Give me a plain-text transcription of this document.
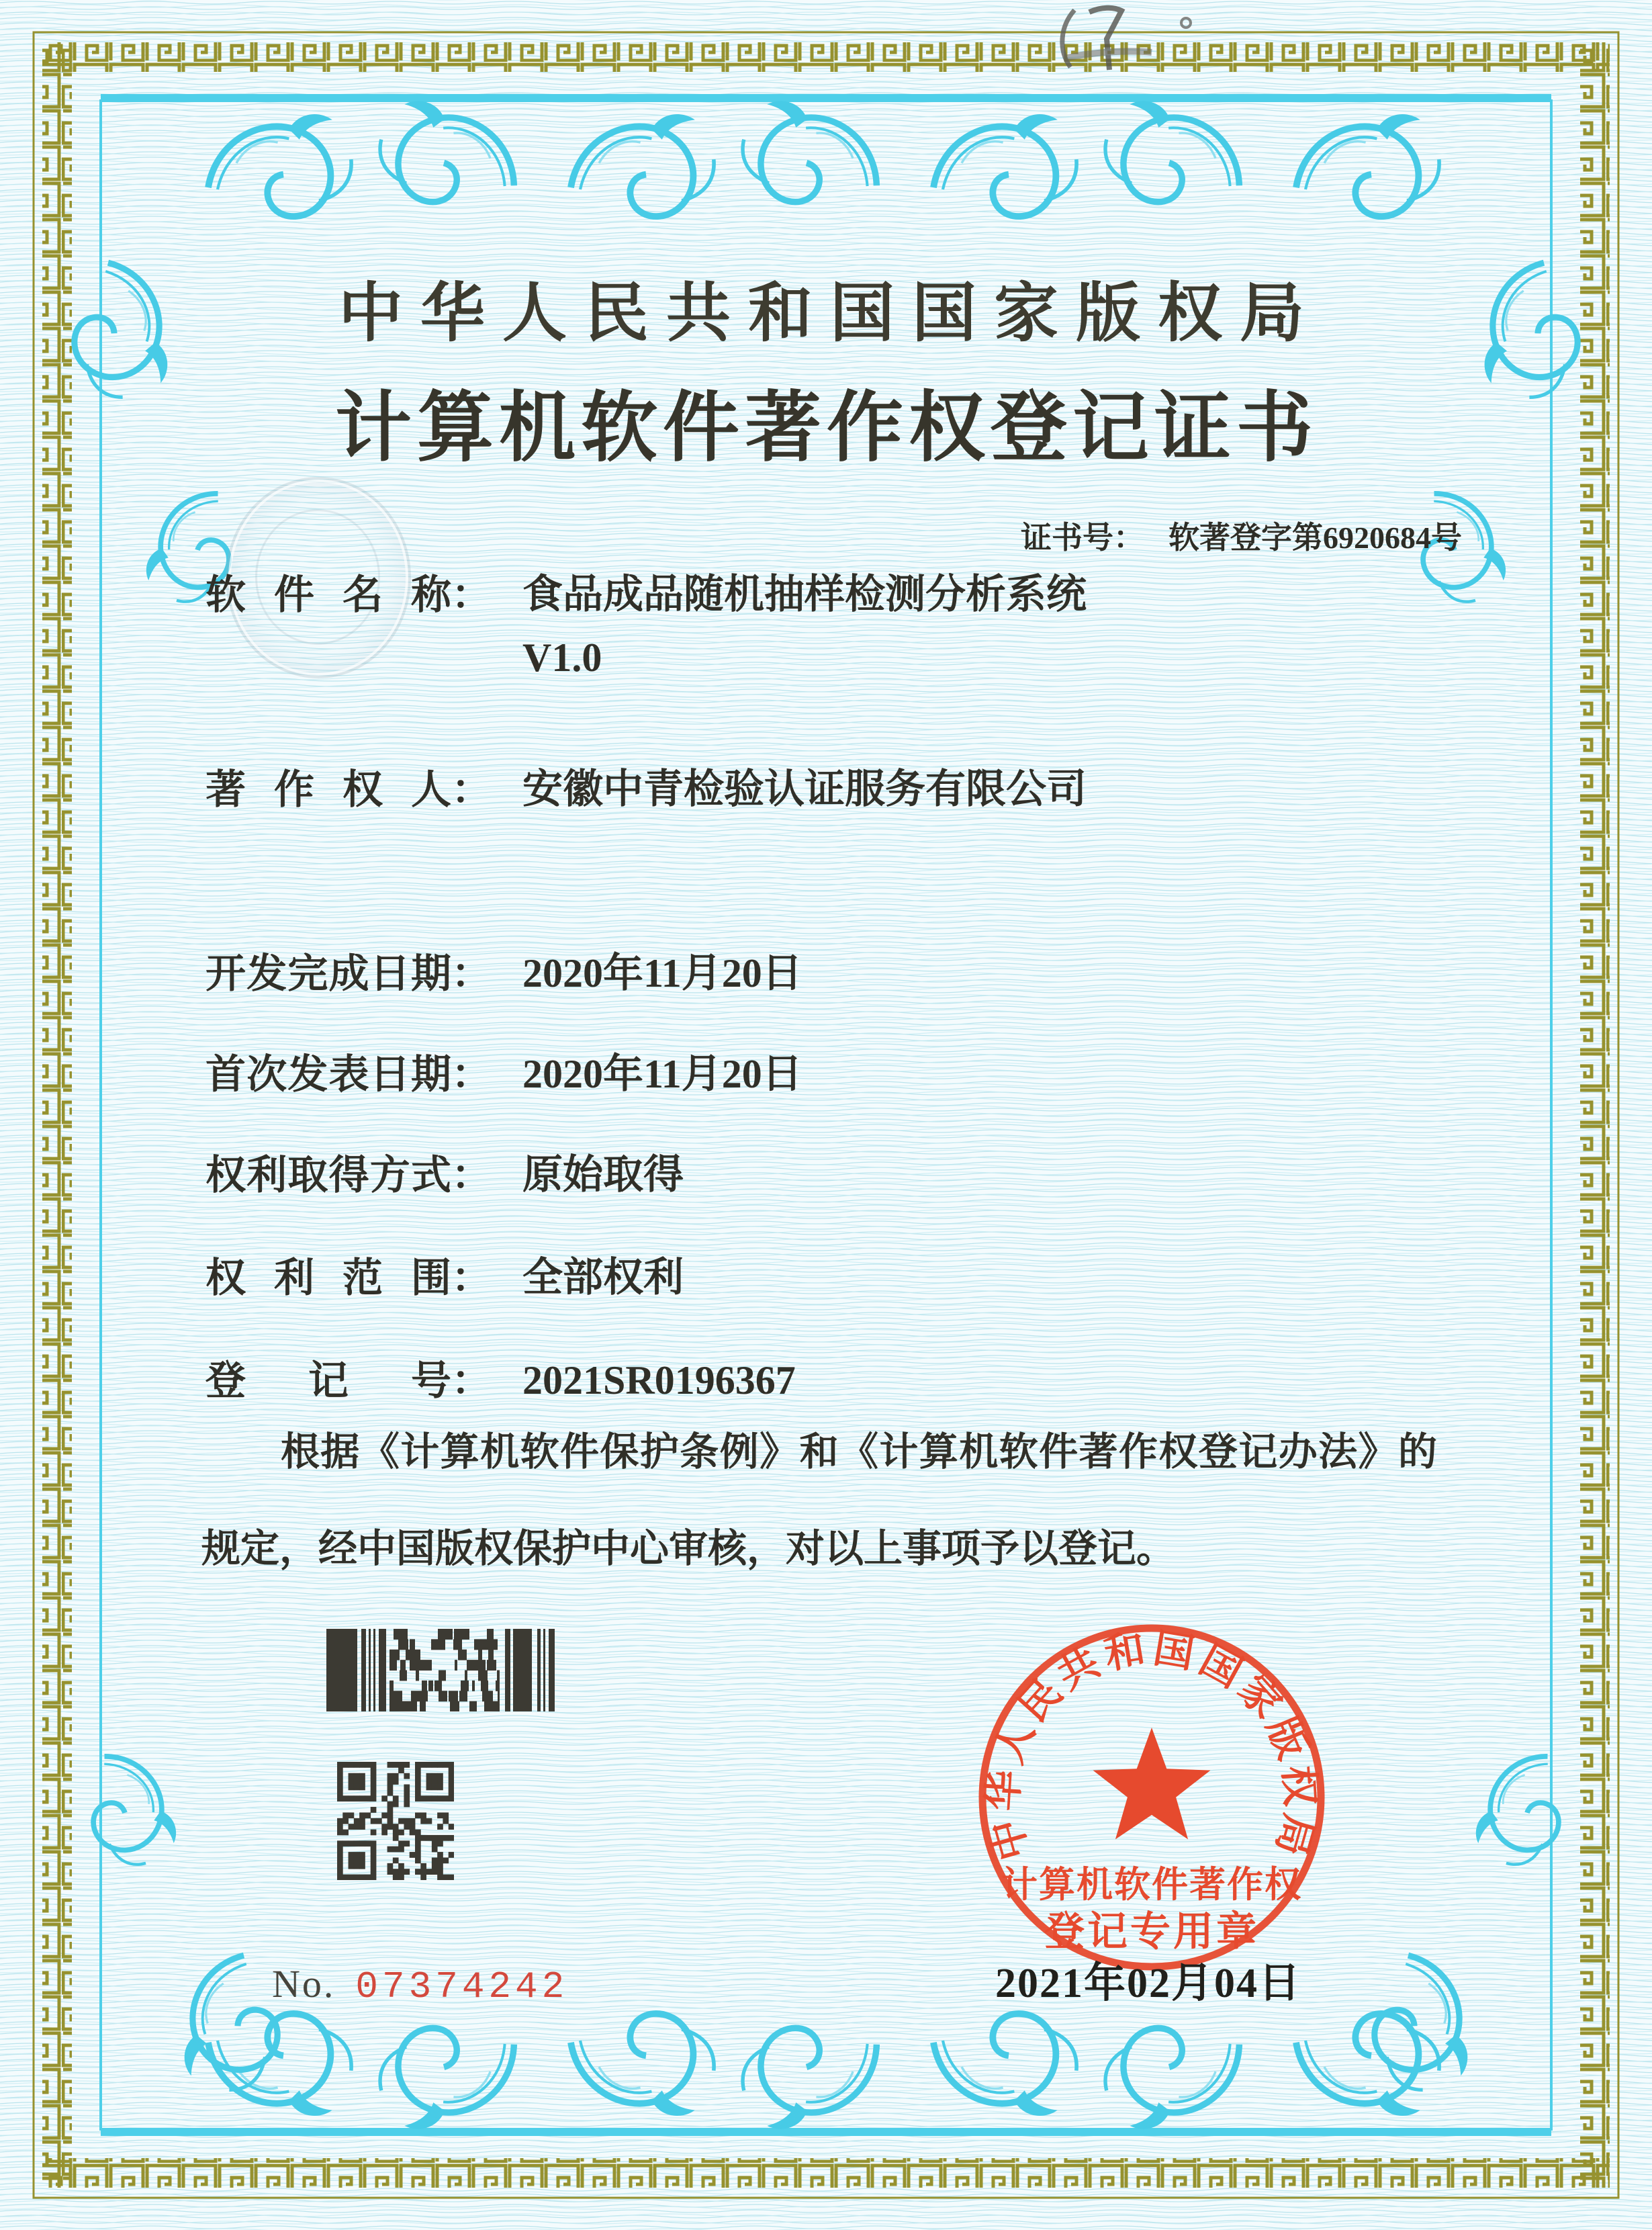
中华人民共和国国家版权局
计算机软件著作权登记证书
证书号： 软著登字第6920684号
软件名称 ： 食品成品随机抽样检测分析系统
V1.0
著作权人 ： 安徽中青检验认证服务有限公司
开发完成日期 ： 2020年11月20日
首次发表日期 ： 2020年11月20日
权利取得方式 ： 原始取得
权利范围 ： 全部权利
登记号 ： 2021SR0196367
根据《计算机软件保护条例》和《计算机软件著作权登记办法》的规定，经中国版权保护中心审核，对以上事项予以登记。
No. 07374242
中华人民共和国国家版权局
计算机软件著作权
登记专用章
2021年02月04日
